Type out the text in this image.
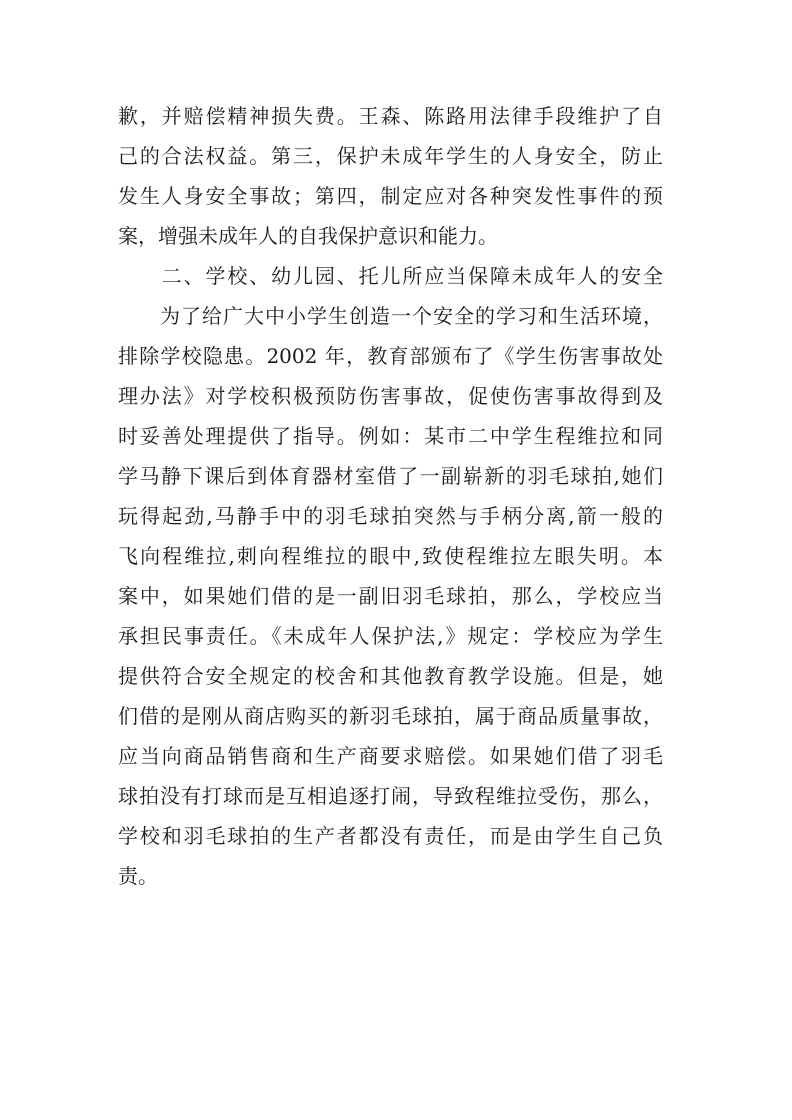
歉，并赔偿精神损失费。王森、陈路用法律手段维护了自
己的合法权益。第三，保护未成年学生的人身安全，防止
发生人身安全事故；第四，制定应对各种突发性事件的预
案，增强未成年人的自我保护意识和能力。
　　二、学校、幼儿园、托儿所应当保障未成年人的安全
　　为了给广大中小学生创造一个安全的学习和生活环境，
排除学校隐患。2002 年，教育部颁布了《学生伤害事故处
理办法》对学校积极预防伤害事故，促使伤害事故得到及
时妥善处理提供了指导。例如：某市二中学生程维拉和同
学马静下课后到体育器材室借了一副崭新的羽毛球拍,她们
玩得起劲,马静手中的羽毛球拍突然与手柄分离,箭一般的
飞向程维拉,刺向程维拉的眼中,致使程维拉左眼失明。本
案中，如果她们借的是一副旧羽毛球拍，那么，学校应当
承担民事责任。《未成年人保护法,》规定：学校应为学生
提供符合安全规定的校舍和其他教育教学设施。但是，她
们借的是刚从商店购买的新羽毛球拍，属于商品质量事故，
应当向商品销售商和生产商要求赔偿。如果她们借了羽毛
球拍没有打球而是互相追逐打闹，导致程维拉受伤，那么，
学校和羽毛球拍的生产者都没有责任，而是由学生自己负
责。
